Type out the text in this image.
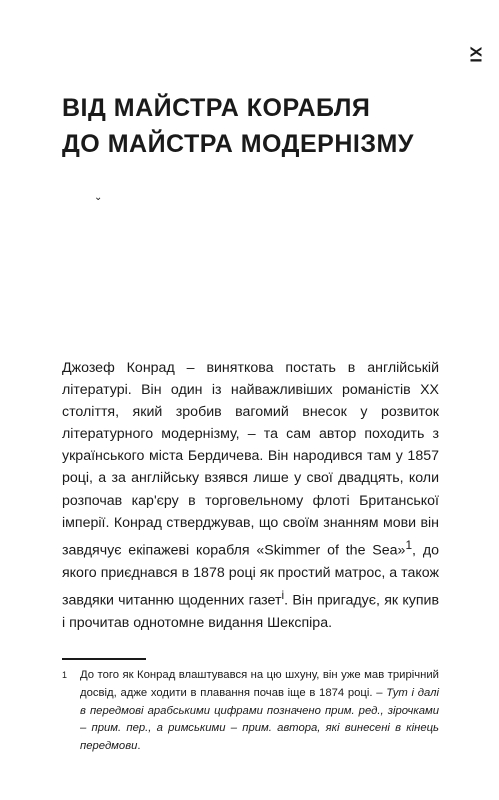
XI
ВІД МАЙСТРА КОРАБЛЯ
ДО МАЙСТРА МОДЕРНІЗМУ
⌄

Джозеф Конрад – виняткова постать в англійській літературі. Він один із найважливіших романістів XX століття, який зробив вагомий внесок у розвиток літературного модернізму, – та сам автор походить з українського міста Бердичева. Він народився там у 1857 році, а за англійську взявся лише у свої двадцять, коли розпочав кар'єру в торговельному флоті Британської імперії. Конрад стверджував, що своїм знанням мови він завдячує екіпажеві корабля «Skimmer of the Sea»$^1$, до якого приєднався в 1878 році як простий матрос, а також завдяки читанню щоденних газет$^i$. Він пригадує, як купив і прочитав однотомне видання Шекспіра.

1	До того як Конрад влаштувався на цю шхуну, він уже мав трирічний досвід, адже ходити в плавання почав іще в 1874 році. – Тут і далі в передмові арабськими цифрами позначено прим. ред., зірочками – прим. пер., а римськими – прим. автора, які винесені в кінець передмови.
